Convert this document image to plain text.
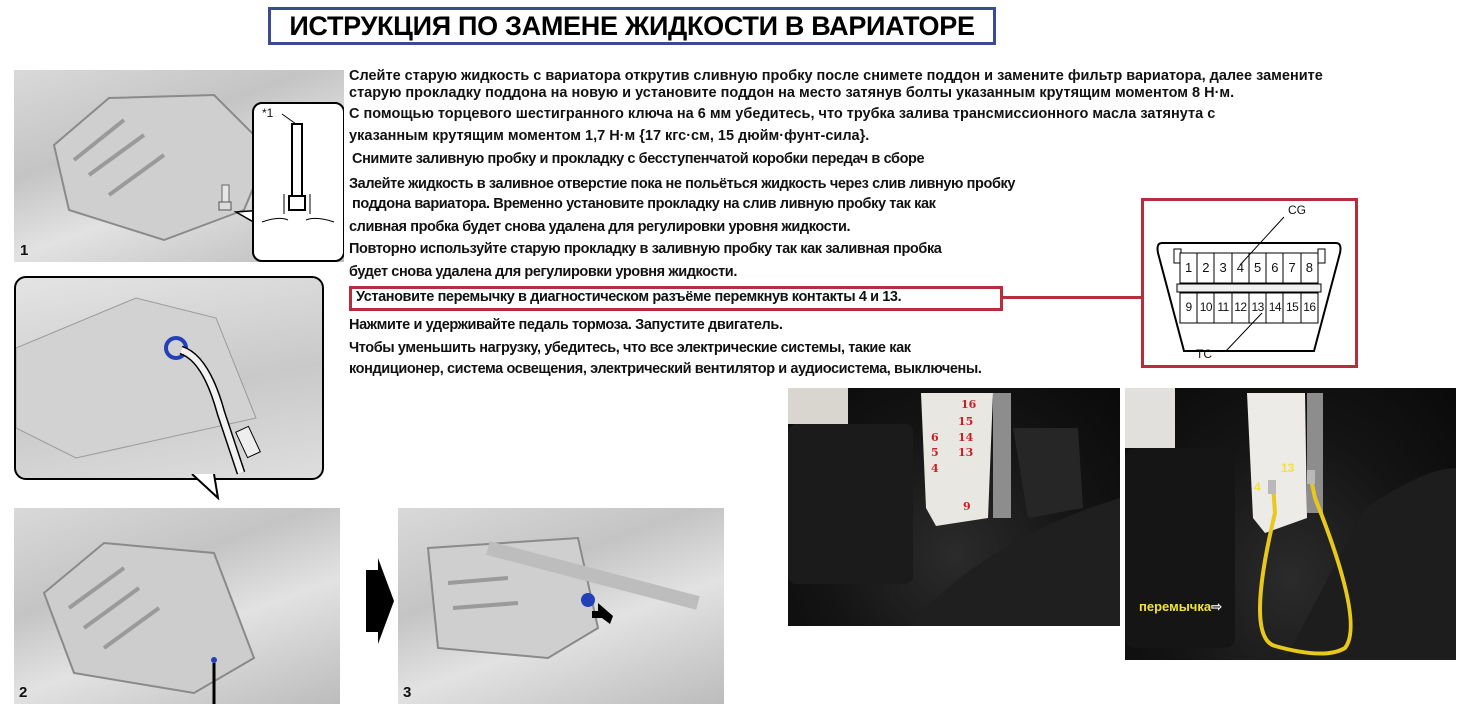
ИСТРУКЦИЯ ПО ЗАМЕНЕ ЖИДКОСТИ В ВАРИАТОРЕ
*1
1
2	3
Слейте старую жидкость с вариатора открутив сливную пробку после снимете поддон и замените фильтр вариатора, далее замените
старую прокладку поддона на новую и установите поддон на место затянув болты указанным крутящим моментом 8 Н·м.
С помощью торцевого шестигранного ключа на 6 мм убедитесь, что трубка залива трансмиссионного масла затянута с
указанным крутящим моментом 1,7 Н·м {17 кгс·см, 15 дюйм·фунт-сила}.
Снимите заливную пробку и прокладку с бесступенчатой коробки передач в сборе
Залейте жидкость в заливное отверстие пока не польёться жидкость через слив ливную пробку
поддона вариатора. Временно установите прокладку на слив ливную пробку так как
сливная пробка будет снова удалена для регулировки уровня жидкости.
Повторно используйте старую прокладку в заливную пробку так как заливная пробка
будет снова удалена для регулировки уровня жидкости.
Установите перемычку в диагностическом разъёме перемкнув контакты 4 и 13.
Нажмите и удерживайте педаль тормоза. Запустите двигатель.
Чтобы уменьшить нагрузку, убедитесь, что все электрические системы, такие как
кондиционер, система освещения, электрический вентилятор и аудиосистема, выключены.
CG
TC
1 2 3 4 5 6 7 8
9 10 11 12 13 14 15 16
16
15
6 14
5 13
4
9
4
13
перемычка⇨
